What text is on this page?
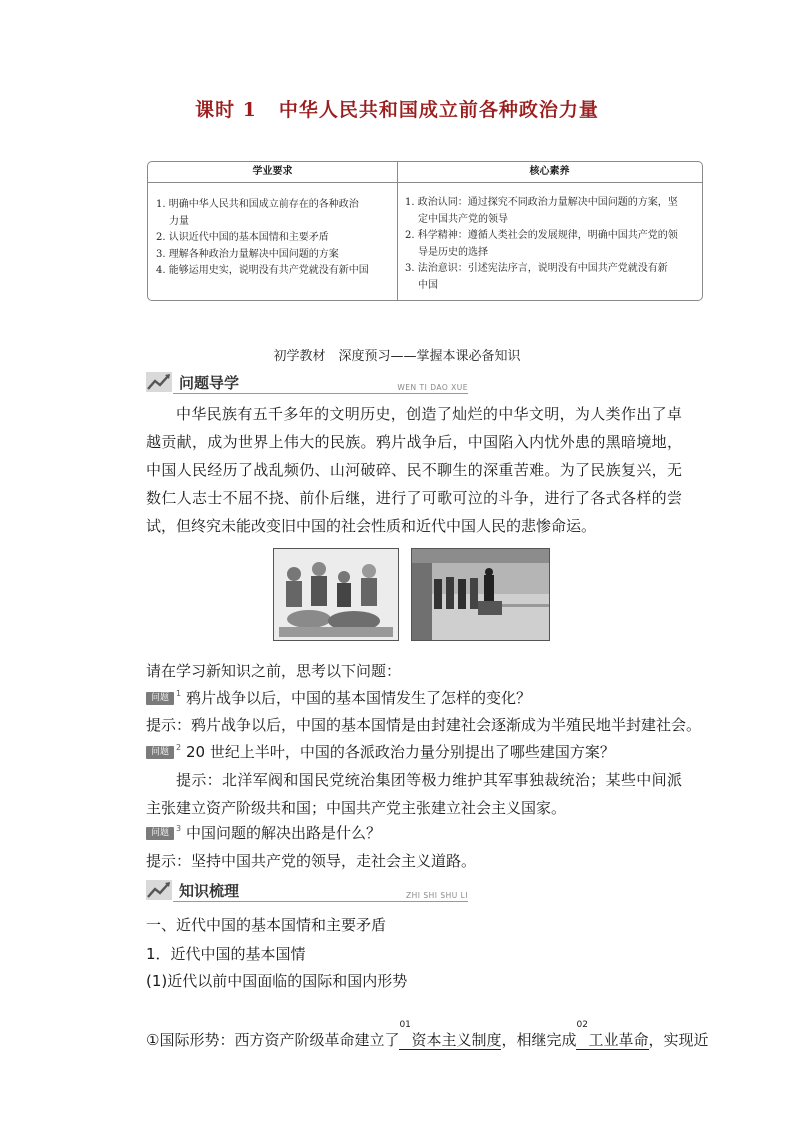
课时 1 中华人民共和国成立前各种政治力量
学业要求
1. 明确中华人民共和国成立前存在的各种政治
力量
2. 认识近代中国的基本国情和主要矛盾
3. 理解各种政治力量解决中国问题的方案
4. 能够运用史实，说明没有共产党就没有新中国
核心素养
1. 政治认同：通过探究不同政治力量解决中国问题的方案，坚
定中国共产党的领导
2. 科学精神：遵循人类社会的发展规律，明确中国共产党的领
导是历史的选择
3. 法治意识：引述宪法序言，说明没有中国共产党就没有新
中国
初学教材　深度预习——掌握本课必备知识
问题导学	WEN TI DAO XUE
中华民族有五千多年的文明历史，创造了灿烂的中华文明，为人类作出了卓越贡献，成为世界上伟大的民族。鸦片战争后，中国陷入内忧外患的黑暗境地，中国人民经历了战乱频仍、山河破碎、民不聊生的深重苦难。为了民族复兴，无数仁人志士不屈不挠、前仆后继，进行了可歌可泣的斗争，进行了各式各样的尝试，但终究未能改变旧中国的社会性质和近代中国人民的悲惨命运。
请在学习新知识之前，思考以下问题：
问题 1 鸦片战争以后，中国的基本国情发生了怎样的变化？
提示：鸦片战争以后，中国的基本国情是由封建社会逐渐成为半殖民地半封建社会。
问题 2 20 世纪上半叶，中国的各派政治力量分别提出了哪些建国方案？
提示：北洋军阀和国民党统治集团等极力维护其军事独裁统治；某些中间派主张建立资产阶级共和国；中国共产党主张建立社会主义国家。
问题 3 中国问题的解决出路是什么？
提示：坚持中国共产党的领导，走社会主义道路。
知识梳理	ZHI SHI SHU LI
一、近代中国的基本国情和主要矛盾
1．近代中国的基本国情
(1)近代以前中国面临的国际和国内形势
①国际形势：西方资产阶级革命建立了
01
资本主义制度，相继完成
02
工业革命，实现近
